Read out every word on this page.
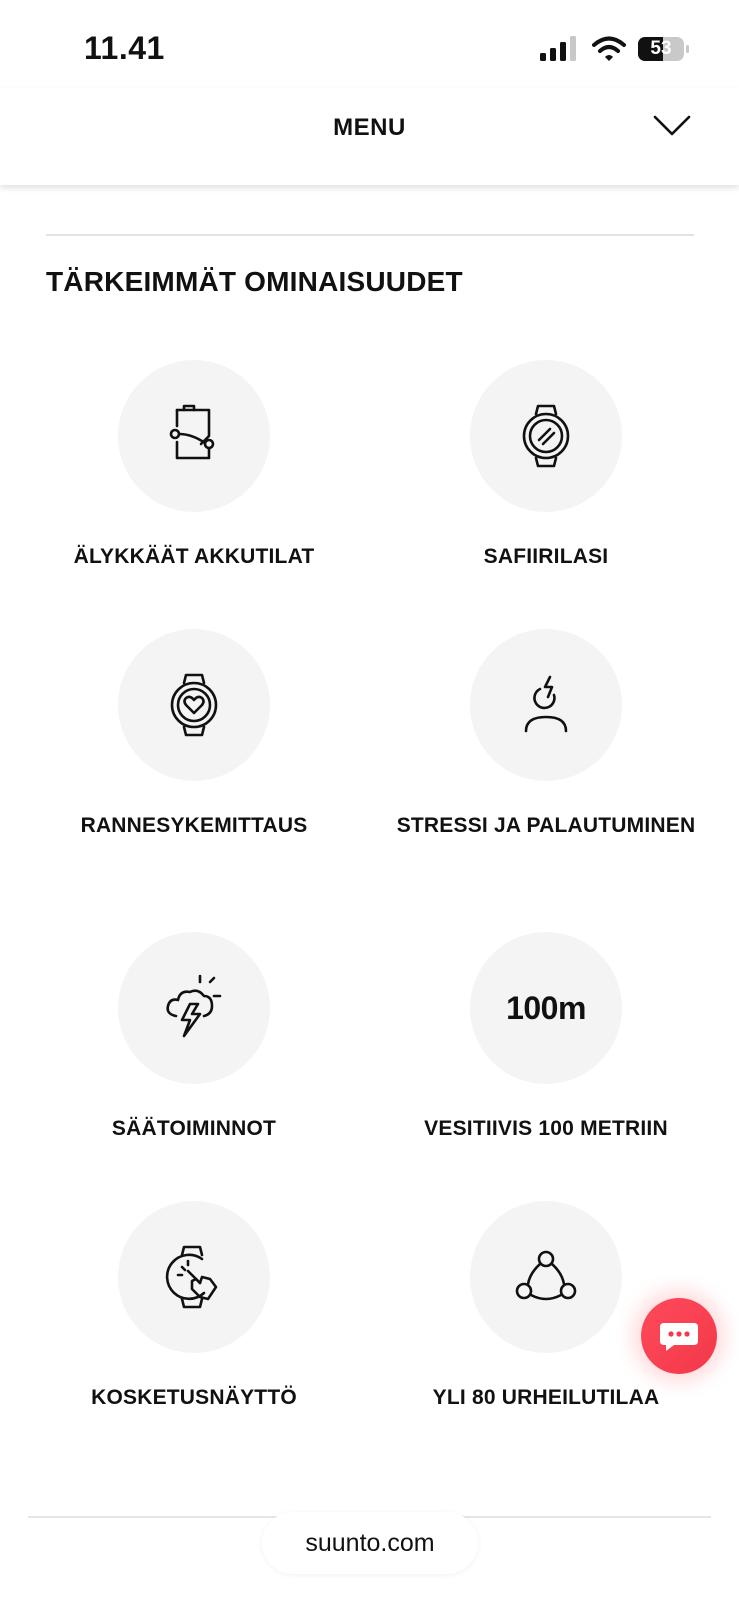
11.41	53
MENU
TÄRKEIMMÄT OMINAISUUDET
ÄLYKKÄÄT AKKUTILAT	SAFIIRILASI
RANNESYKEMITTAUS	STRESSI JA PALAUTUMINEN
SÄÄTOIMINNOT
100m
VESITIIVIS 100 METRIIN
KOSKETUSNÄYTTÖ	YLI 80 URHEILUTILAA
suunto.com
